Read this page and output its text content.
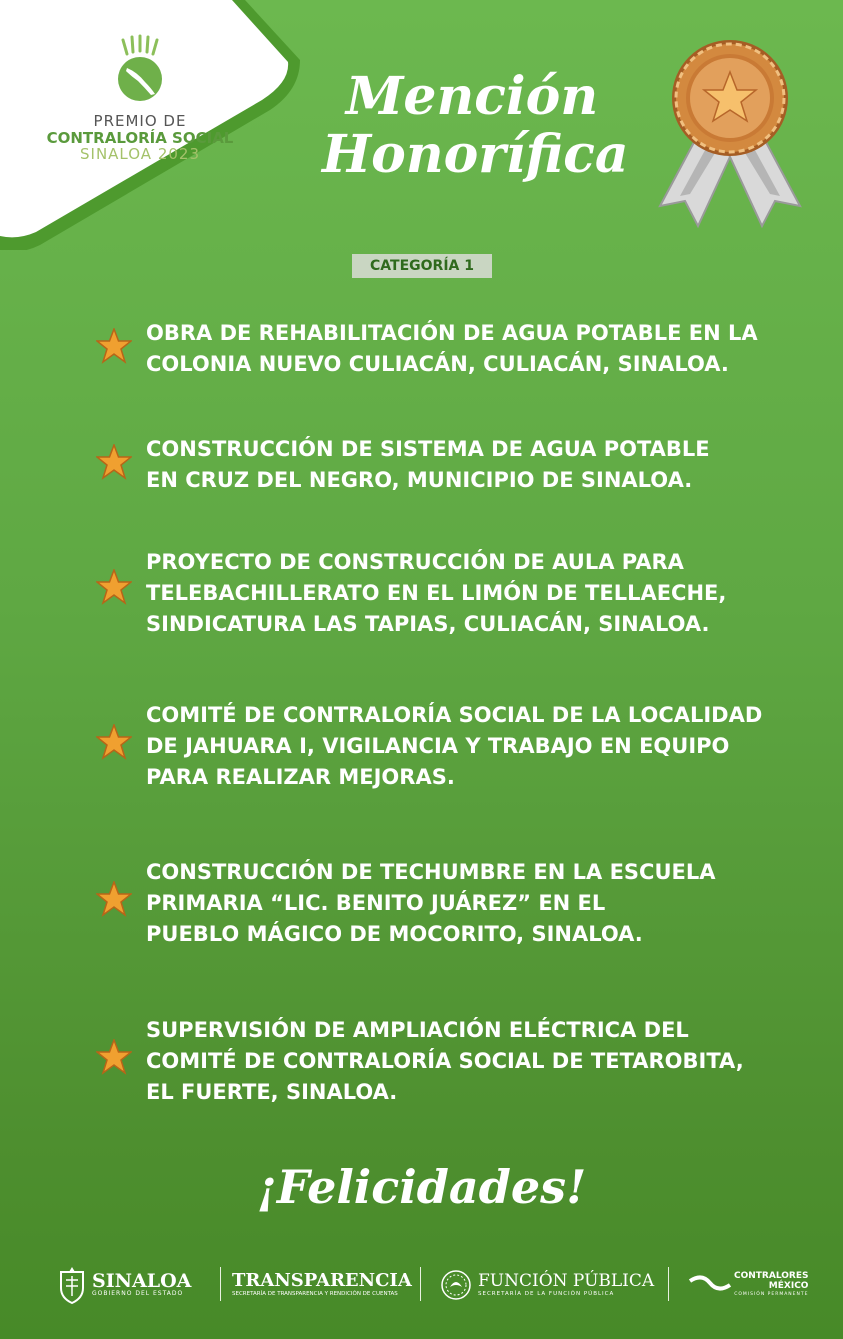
PREMIO DE
CONTRALORÍA SOCIAL
SINALOA 2023
Mención
Honorífica
CATEGORÍA 1
OBRA DE REHABILITACIÓN DE AGUA POTABLE EN LA
COLONIA NUEVO CULIACÁN, CULIACÁN, SINALOA.
CONSTRUCCIÓN DE SISTEMA DE AGUA POTABLE
EN CRUZ DEL NEGRO, MUNICIPIO DE SINALOA.
PROYECTO DE CONSTRUCCIÓN DE AULA PARA
TELEBACHILLERATO EN EL LIMÓN DE TELLAECHE,
SINDICATURA LAS TAPIAS, CULIACÁN, SINALOA.
COMITÉ DE CONTRALORÍA SOCIAL DE LA LOCALIDAD
DE JAHUARA I, VIGILANCIA Y TRABAJO EN EQUIPO
PARA REALIZAR MEJORAS.
CONSTRUCCIÓN DE TECHUMBRE EN LA ESCUELA
PRIMARIA “LIC. BENITO JUÁREZ” EN EL
PUEBLO MÁGICO DE MOCORITO, SINALOA.
SUPERVISIÓN DE AMPLIACIÓN ELÉCTRICA DEL
COMITÉ DE CONTRALORÍA SOCIAL DE TETAROBITA,
EL FUERTE, SINALOA.
¡Felicidades!
SINALOA
GOBIERNO DEL ESTADO
TRANSPARENCIA
SECRETARÍA DE TRANSPARENCIA Y RENDICIÓN DE CUENTAS
FUNCIÓN PÚBLICA
SECRETARÍA DE LA FUNCIÓN PÚBLICA
CONTRALORES
MÉXICO
COMISIÓN PERMANENTE
